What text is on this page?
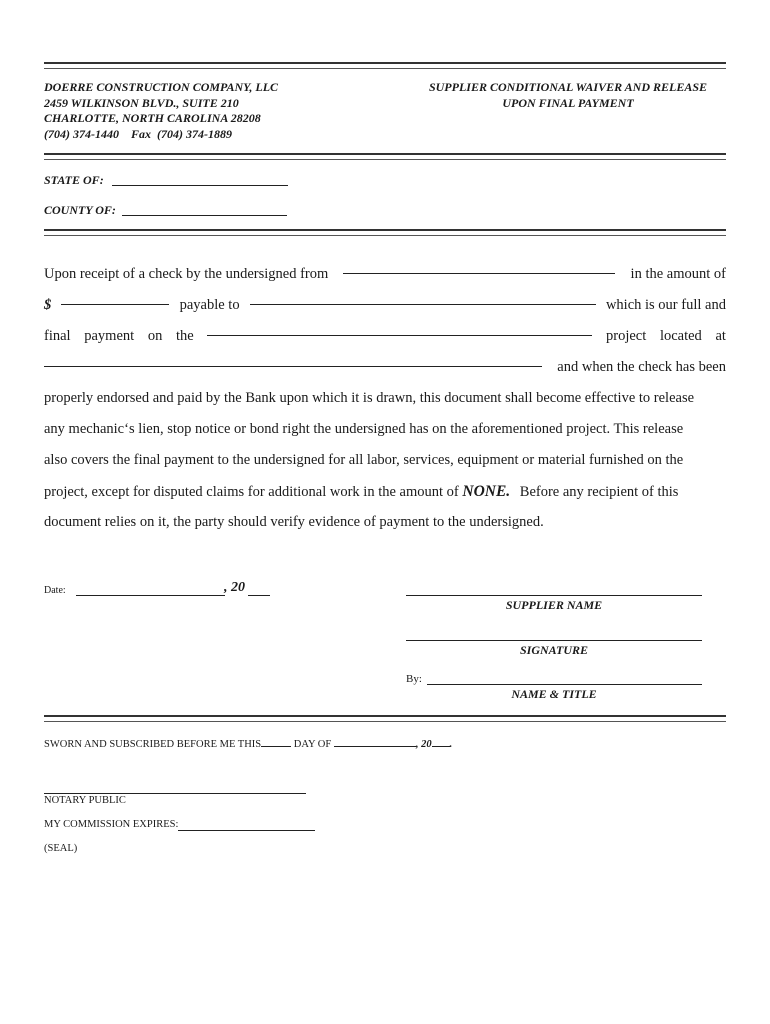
DOERRE CONSTRUCTION COMPANY, LLC
2459 WILKINSON BLVD., SUITE 210
CHARLOTTE, NORTH CAROLINA 28208
(704) 374-1440    Fax  (704) 374-1889
SUPPLIER CONDITIONAL WAIVER AND RELEASE
UPON FINAL PAYMENT
STATE OF:
COUNTY OF:
Upon receipt of a check by the undersigned from	in the amount of
$	payable to	which is our full and
final payment on the	project located at
and when the check has been
properly endorsed and paid by the Bank upon which it is drawn, this document shall become effective to release
any mechanic‘s lien, stop notice or bond right the undersigned has on the aforementioned project. This release
also covers the final payment to the undersigned for all labor, services, equipment or material furnished on the
project, except for disputed claims for additional work in the amount of NONE. Before any recipient of this
document relies on it, the party should verify evidence of payment to the undersigned.
Date:	, 20
SUPPLIER NAME
SIGNATURE
By:
NAME & TITLE
SWORN AND SUBSCRIBED BEFORE ME THIS	DAY OF	, 20 .
NOTARY PUBLIC
MY COMMISSION EXPIRES:
(SEAL)
